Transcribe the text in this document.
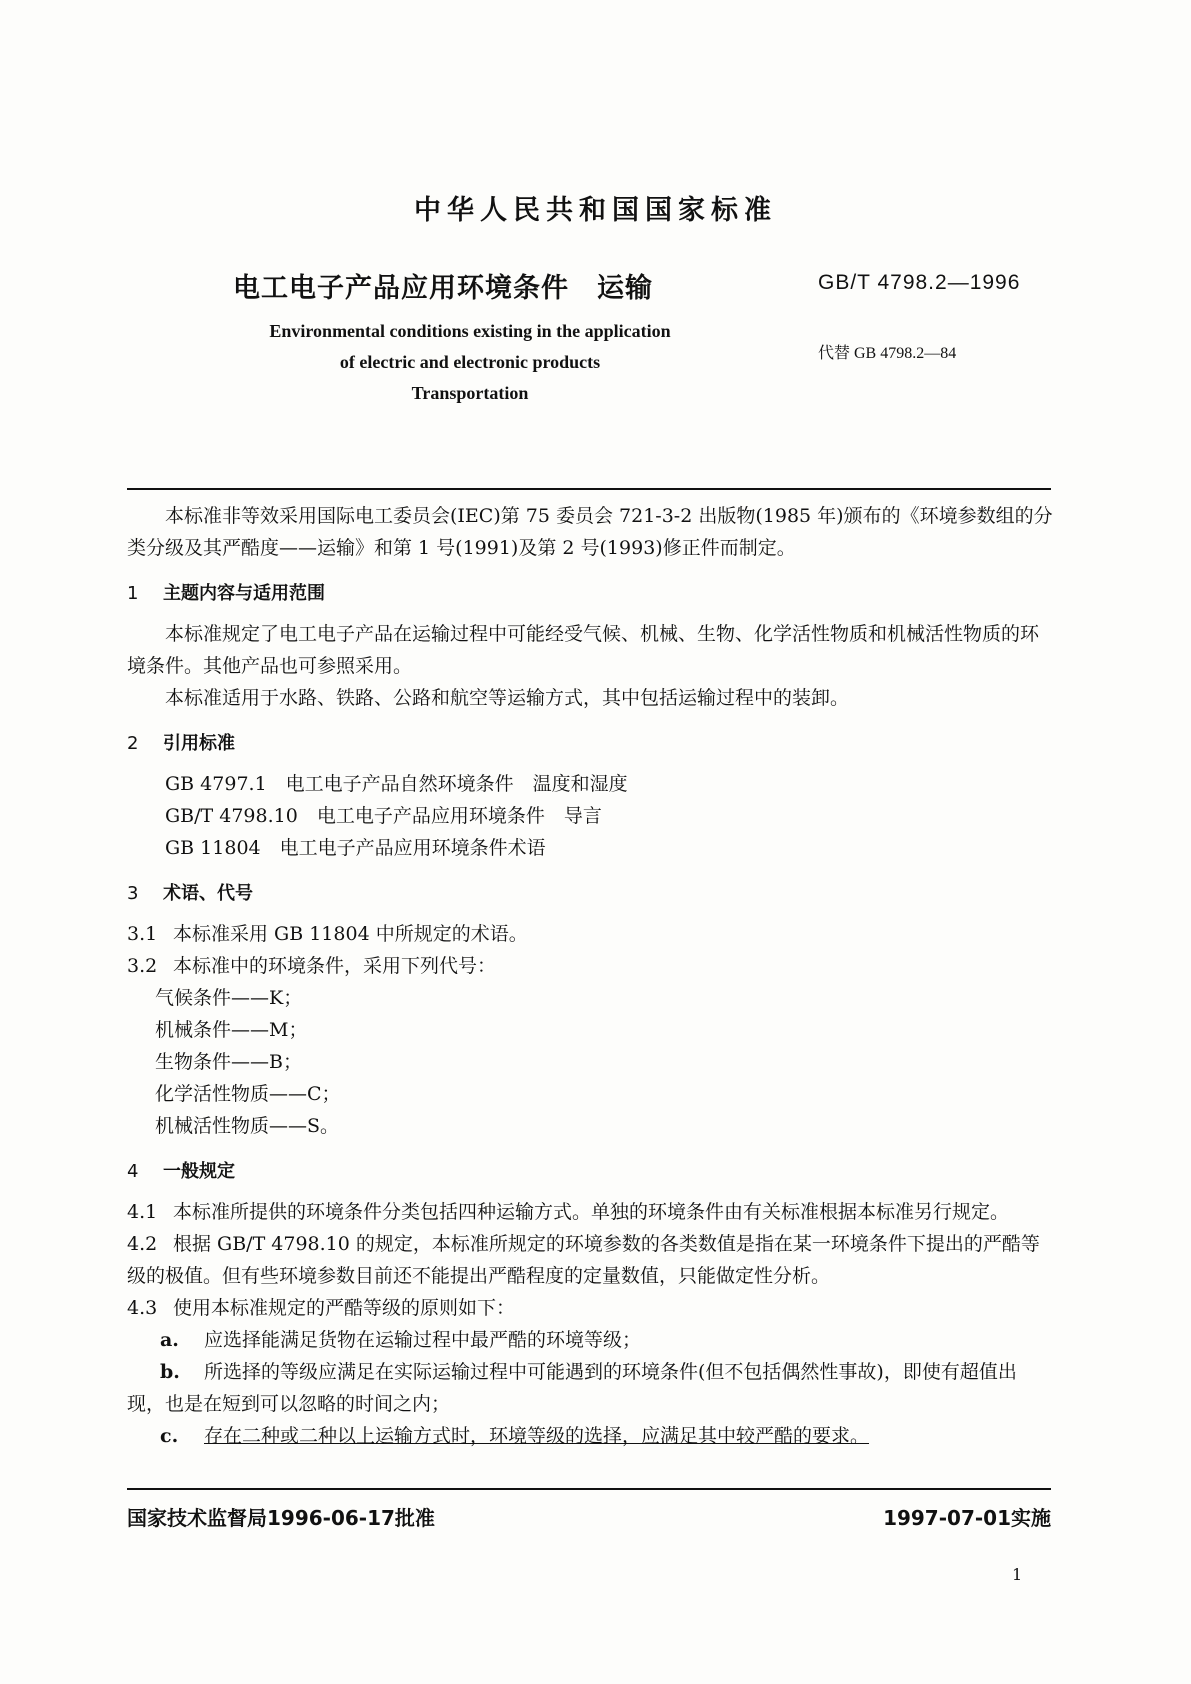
中华人民共和国国家标准
电工电子产品应用环境条件　运输	GB/T 4798.2—1996
代替 GB 4798.2—84
Environmental conditions existing in the application
of electric and electronic products
Transportation

本标准非等效采用国际电工委员会(IEC)第 75 委员会 721-3-2 出版物(1985 年)颁布的《环境参数组的分类分级及其严酷度——运输》和第 1 号(1991)及第 2 号(1993)修正件而制定。

1 主题内容与适用范围

本标准规定了电工电子产品在运输过程中可能经受气候、机械、生物、化学活性物质和机械活性物质的环境条件。其他产品也可参照采用。

本标准适用于水路、铁路、公路和航空等运输方式，其中包括运输过程中的装卸。

2 引用标准

GB 4797.1　电工电子产品自然环境条件　温度和湿度

GB/T 4798.10　电工电子产品应用环境条件　导言

GB 11804　电工电子产品应用环境条件术语

3 术语、代号

3.1 本标准采用 GB 11804 中所规定的术语。

3.2 本标准中的环境条件，采用下列代号：

气候条件——K；

机械条件——M；

生物条件——B；

化学活性物质——C；

机械活性物质——S。

4 一般规定

4.1 本标准所提供的环境条件分类包括四种运输方式。单独的环境条件由有关标准根据本标准另行规定。

4.2 根据 GB/T 4798.10 的规定，本标准所规定的环境参数的各类数值是指在某一环境条件下提出的严酷等级的极值。但有些环境参数目前还不能提出严酷程度的定量数值，只能做定性分析。

4.3 使用本标准规定的严酷等级的原则如下：

a. 应选择能满足货物在运输过程中最严酷的环境等级；

b. 所选择的等级应满足在实际运输过程中可能遇到的环境条件(但不包括偶然性事故)，即使有超值出现，也是在短到可以忽略的时间之内；

c. 存在二种或二种以上运输方式时，环境等级的选择，应满足其中较严酷的要求。

国家技术监督局1996-06-17批准	1997-07-01实施
1
